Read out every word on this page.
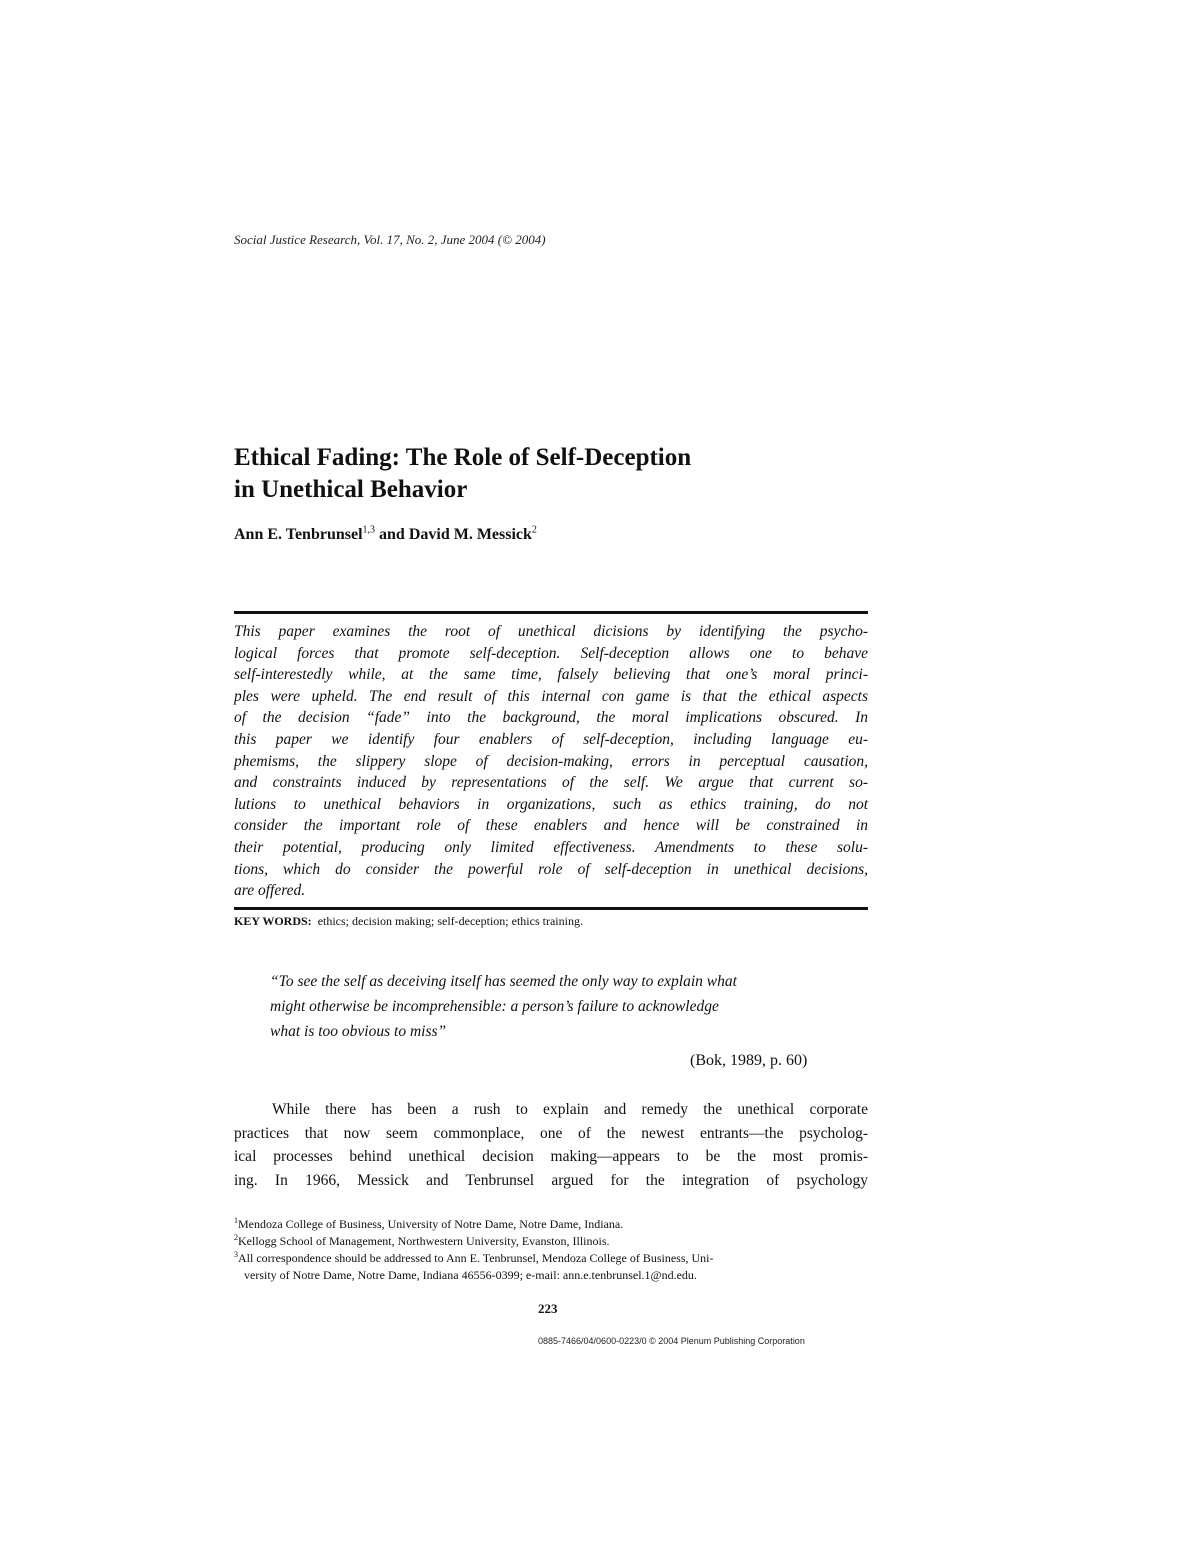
Social Justice Research, Vol. 17, No. 2, June 2004 (© 2004)
Ethical Fading: The Role of Self-Deception
in Unethical Behavior
Ann E. Tenbrunsel$^{1,3}$ and David M. Messick$^2$
This paper examines the root of unethical dicisions by identifying the psycho-
logical forces that promote self-deception. Self-deception allows one to behave
self-interestedly while, at the same time, falsely believing that one’s moral princi-
ples were upheld. The end result of this internal con game is that the ethical aspects
of the decision “fade” into the background, the moral implications obscured. In
this paper we identify four enablers of self-deception, including language eu-
phemisms, the slippery slope of decision-making, errors in perceptual causation,
and constraints induced by representations of the self. We argue that current so-
lutions to unethical behaviors in organizations, such as ethics training, do not
consider the important role of these enablers and hence will be constrained in
their potential, producing only limited effectiveness. Amendments to these solu-
tions, which do consider the powerful role of self-deception in unethical decisions,
are offered.
KEY WORDS: ethics; decision making; self-deception; ethics training.
“To see the self as deceiving itself has seemed the only way to explain what
might otherwise be incomprehensible: a person’s failure to acknowledge
what is too obvious to miss”
(Bok, 1989, p. 60)
While there has been a rush to explain and remedy the unethical corporate
practices that now seem commonplace, one of the newest entrants—the psycholog-
ical processes behind unethical decision making—appears to be the most promis-
ing. In 1966, Messick and Tenbrunsel argued for the integration of psychology
$^1$Mendoza College of Business, University of Notre Dame, Notre Dame, Indiana.
$^2$Kellogg School of Management, Northwestern University, Evanston, Illinois.
$^3$All correspondence should be addressed to Ann E. Tenbrunsel, Mendoza College of Business, Uni-
versity of Notre Dame, Notre Dame, Indiana 46556-0399; e-mail: ann.e.tenbrunsel.1@nd.edu.
223
0885-7466/04/0600-0223/0 © 2004 Plenum Publishing Corporation
